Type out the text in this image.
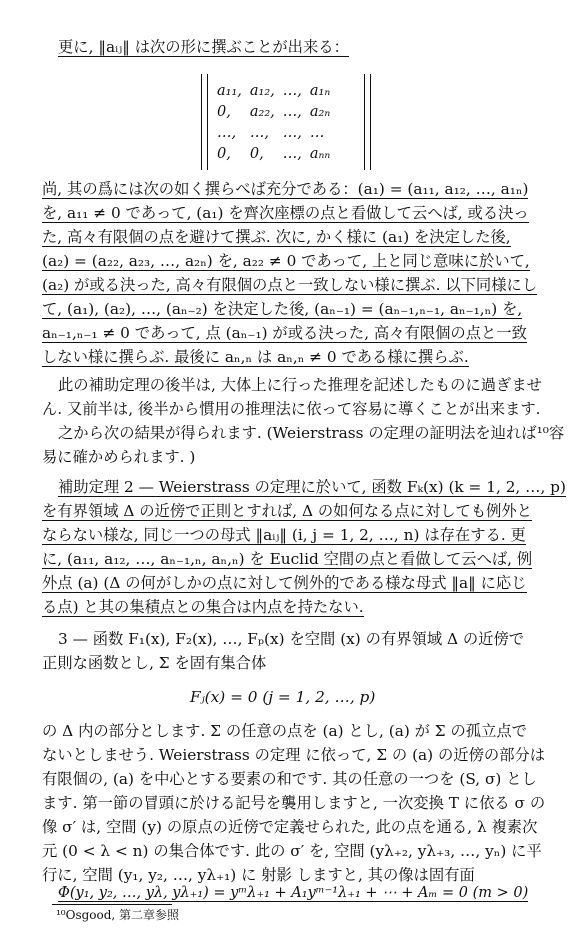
更に, ‖aᵢⱼ‖ は次の形に撰ぶことが出来る：
a₁₁,	a₁₂,	…,	a₁ₙ
0,	a₂₂,	…,	a₂ₙ
…,	…,	…,	…
0,	0,	…,	aₙₙ
尚, 其の爲には次の如く撰らべば充分である：(a₁) = (a₁₁, a₁₂, …, a₁ₙ)
を, a₁₁ ≠ 0 であって, (a₁) を齊次座標の点と看做して云へば, 或る決っ
た, 高々有限個の点を避けて撰ぶ. 次に, かく様に (a₁) を決定した後,
(a₂) = (a₂₂, a₂₃, …, a₂ₙ) を, a₂₂ ≠ 0 であって, 上と同じ意味に於いて,
(a₂) が或る決った, 高々有限個の点と一致しない様に撰ぶ. 以下同様にし
て, (a₁), (a₂), …, (aₙ₋₂) を決定した後, (aₙ₋₁) = (aₙ₋₁,ₙ₋₁, aₙ₋₁,ₙ) を,
aₙ₋₁,ₙ₋₁ ≠ 0 であって, 点 (aₙ₋₁) が或る決った, 高々有限個の点と一致
しない様に撰らぶ. 最後に aₙ,ₙ は aₙ,ₙ ≠ 0 である様に撰らぶ.
此の補助定理の後半は, 大体上に行った推理を記述したものに過ぎませ
ん. 又前半は, 後半から慣用の推理法に依って容易に導くことが出来ます.
之から次の結果が得られます. (Weierstrass の定理の証明法を辿れば¹⁰容
易に確かめられます. )
補助定理 2 — Weierstrass の定理に於いて, 函数 Fₖ(x) (k = 1, 2, …, p)
を有界領域 Δ の近傍で正則とすれば, Δ の如何なる点に対しても例外と
ならない様な, 同じ一つの母式 ‖aᵢⱼ‖ (i, j = 1, 2, …, n) は存在する. 更
に, (a₁₁, a₁₂, …, aₙ₋₁,ₙ, aₙ,ₙ) を Euclid 空間の点と看做して云へば, 例
外点 (a) (Δ の何がしかの点に対して例外的である様な母式 ‖a‖ に応じ
る点) と其の集積点との集合は内点を持たない.
3 — 函数 F₁(x), F₂(x), …, Fₚ(x) を空間 (x) の有界領域 Δ の近傍で
正則な函数とし, Σ を固有集合体
Fⱼ(x) = 0 (j = 1, 2, …, p)
の Δ 内の部分とします. Σ の任意の点を (a) とし, (a) が Σ の孤立点で
ないとしませう. Weierstrass の定理 に依って, Σ の (a) の近傍の部分は
有限個の, (a) を中心とする要素の和です. 其の任意の一つを (S, σ) とし
ます. 第一節の冒頭に於ける記号を襲用しますと, 一次変換 T に依る σ の
像 σ′ は, 空間 (y) の原点の近傍で定義せられた, 此の点を通る, λ 複素次
元 (0 < λ < n) の集合体です. 此の σ′ を, 空間 (yλ₊₂, yλ₊₃, …, yₙ) に平
行に, 空間 (y₁, y₂, …, yλ₊₁) に 射影 しますと, 其の像は固有面
Φ(y₁, y₂, …, yλ, yλ₊₁) = yᵐλ₊₁ + A₁yᵐ⁻¹λ₊₁ + ⋯ + Aₘ = 0 (m > 0)
¹⁰Osgood, 第二章参照
